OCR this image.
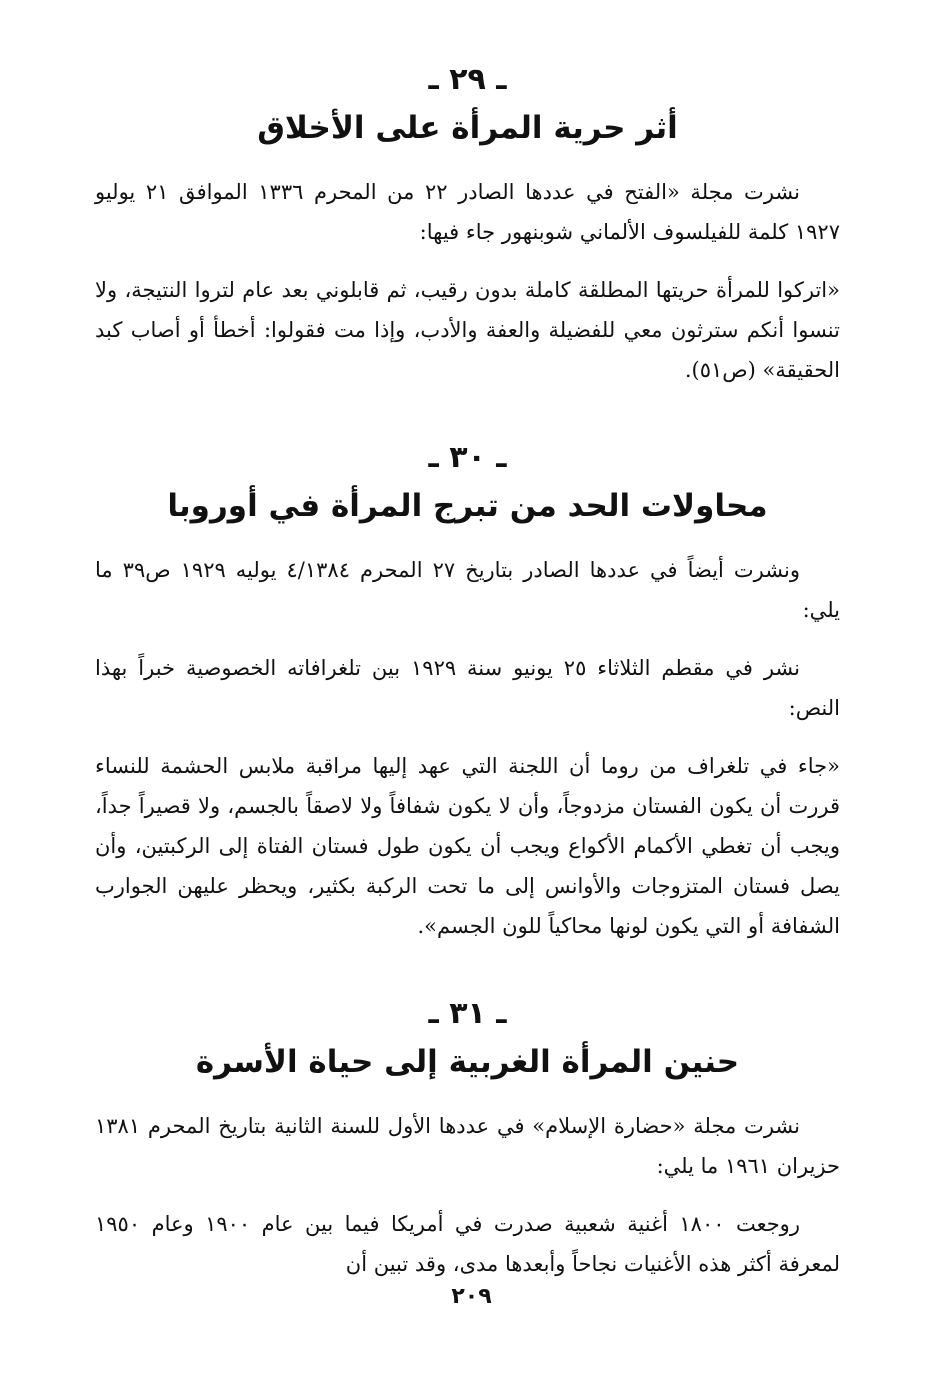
ـ ٢٩ ـ
أثر حرية المرأة على الأخلاق

نشرت مجلة «الفتح في عددها الصادر ٢٢ من المحرم ١٣٣٦ الموافق ٢١ يوليو ١٩٢٧ كلمة للفيلسوف الألماني شوبنهور جاء فيها:

«اتركوا للمرأة حريتها المطلقة كاملة بدون رقيب، ثم قابلوني بعد عام لتروا النتيجة، ولا تنسوا أنكم سترثون معي للفضيلة والعفة والأدب، وإذا مت فقولوا: أخطأ أو أصاب كبد الحقيقة» (ص٥١).

ـ ٣٠ ـ
محاولات الحد من تبرج المرأة في أوروبا

ونشرت أيضاً في عددها الصادر بتاريخ ٢٧ المحرم ٤/١٣٨٤ يوليه ١٩٢٩ ص٣٩ ما يلي:

نشر في مقطم الثلاثاء ٢٥ يونيو سنة ١٩٢٩ بين تلغرافاته الخصوصية خبراً بهذا النص:

«جاء في تلغراف من روما أن اللجنة التي عهد إليها مراقبة ملابس الحشمة للنساء قررت أن يكون الفستان مزدوجاً، وأن لا يكون شفافاً ولا لاصقاً بالجسم، ولا قصيراً جداً، ويجب أن تغطي الأكمام الأكواع ويجب أن يكون طول فستان الفتاة إلى الركبتين، وأن يصل فستان المتزوجات والأوانس إلى ما تحت الركبة بكثير، ويحظر عليهن الجوارب الشفافة أو التي يكون لونها محاكياً للون الجسم».

ـ ٣١ ـ
حنين المرأة الغربية إلى حياة الأسرة

نشرت مجلة «حضارة الإسلام» في عددها الأول للسنة الثانية بتاريخ المحرم ١٣٨١ حزيران ١٩٦١ ما يلي:

روجعت ١٨٠٠ أغنية شعبية صدرت في أمريكا فيما بين عام ١٩٠٠ وعام ١٩٥٠ لمعرفة أكثر هذه الأغنيات نجاحاً وأبعدها مدى، وقد تبين أن

٢٠٩
